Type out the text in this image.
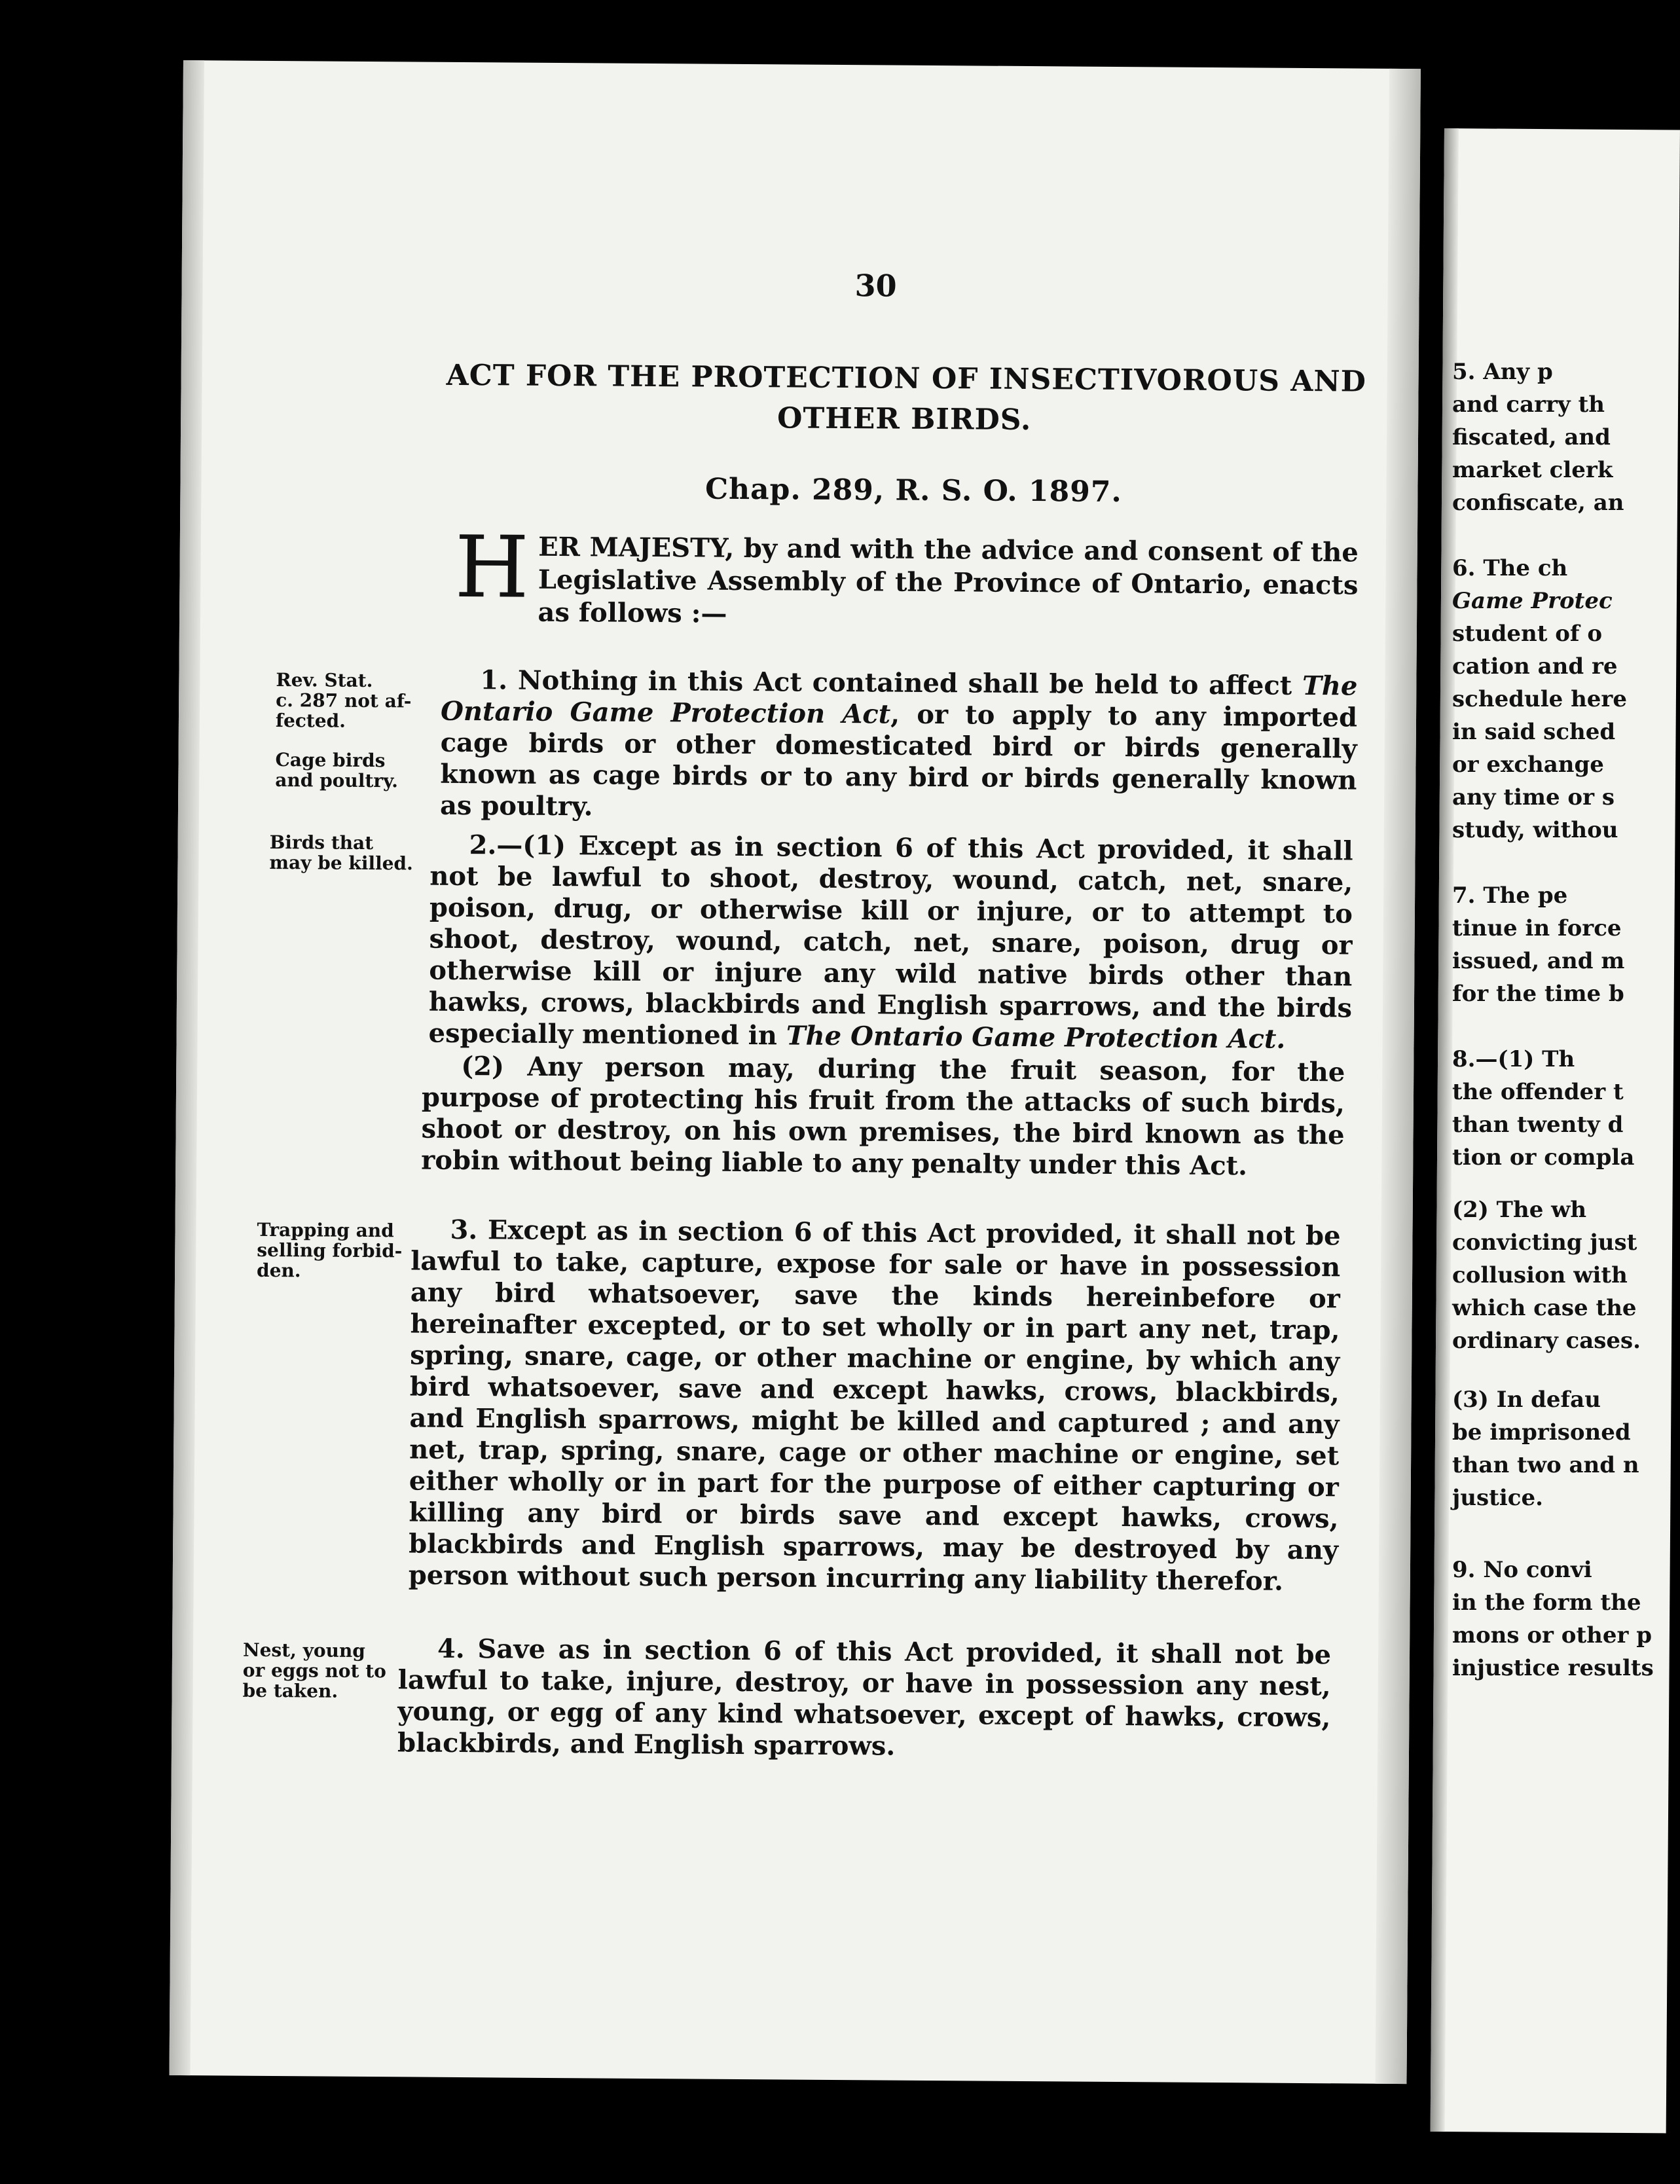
30
ACT FOR THE PROTECTION OF INSECTIVOROUS AND
OTHER BIRDS.
Chap. 289, R. S. O. 1897.
HER MAJESTY, by and with the advice and consent of the Legislative Assembly of the Province of Ontario, enacts as follows :—
Rev. Stat.
c. 287 not af-
fected.
Cage birds
and poultry.
Birds that
may be killed.
Trapping and
selling forbid-
den.
Nest, young
or eggs not to
be taken.
1. Nothing in this Act contained shall be held to affect The Ontario Game Protection Act, or to apply to any imported cage birds or other domesticated bird or birds generally known as cage birds or to any bird or birds generally known as poultry.
2.—(1) Except as in section 6 of this Act provided, it shall not be lawful to shoot, destroy, wound, catch, net, snare, poison, drug, or otherwise kill or injure, or to attempt to shoot, destroy, wound, catch, net, snare, poison, drug or otherwise kill or injure any wild native birds other than hawks, crows, blackbirds and English sparrows, and the birds especially mentioned in The Ontario Game Protection Act.
(2) Any person may, during the fruit season, for the purpose of protecting his fruit from the attacks of such birds, shoot or destroy, on his own premises, the bird known as the robin without being liable to any penalty under this Act.
3. Except as in section 6 of this Act provided, it shall not be lawful to take, capture, expose for sale or have in possession any bird whatsoever, save the kinds hereinbefore or hereinafter excepted, or to set wholly or in part any net, trap, spring, snare, cage, or other machine or engine, by which any bird whatsoever, save and except hawks, crows, blackbirds, and English sparrows, might be killed and captured ; and any net, trap, spring, snare, cage or other machine or engine, set either wholly or in part for the purpose of either capturing or killing any bird or birds save and except hawks, crows, blackbirds and English sparrows, may be destroyed by any person without such person incurring any liability therefor.
4. Save as in section 6 of this Act provided, it shall not be lawful to take, injure, destroy, or have in possession any nest, young, or egg of any kind whatsoever, except of hawks, crows, blackbirds, and English sparrows.
5. Any p
and carry th
fiscated, and
market clerk
confiscate, an
6. The ch
Game Protec
student of o
cation and re
schedule here
in said sched
or exchange
any time or s
study, withou
7. The pe
tinue in force
issued, and m
for the time b
8.—(1) Th
the offender t
than twenty d
tion or compla
(2) The wh
convicting just
collusion with
which case the
ordinary cases.
(3) In defau
be imprisoned
than two and n
justice.
9. No convi
in the form the
mons or other p
injustice results
